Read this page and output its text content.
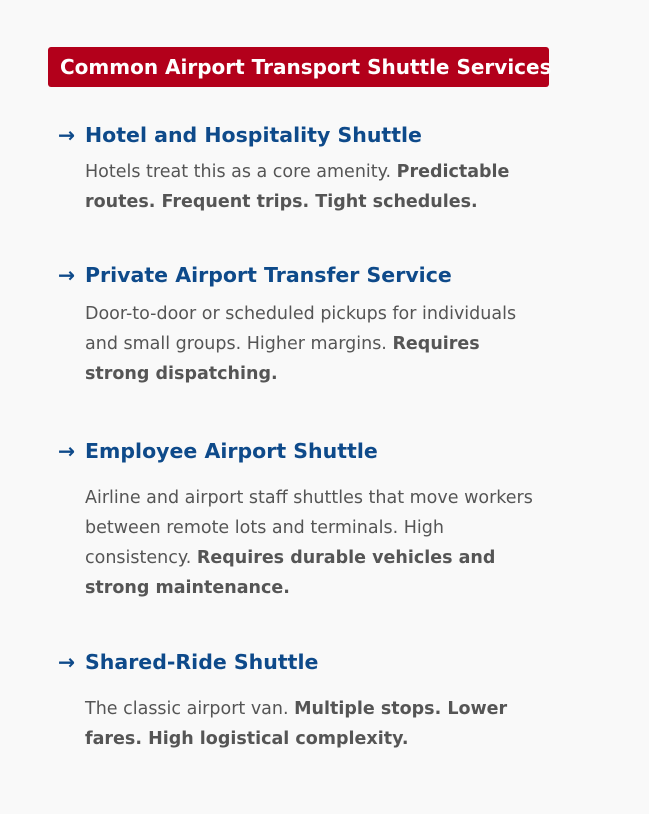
Common Airport Transport Shuttle Services
→ Hotel and Hospitality Shuttle

Hotels treat this as a core amenity. Predictable routes. Frequent trips. Tight schedules.

→ Private Airport Transfer Service

Door-to-door or scheduled pickups for individuals and small groups. Higher margins. Requires strong dispatching.

→ Employee Airport Shuttle

Airline and airport staff shuttles that move workers between remote lots and terminals. High consistency. Requires durable vehicles and strong maintenance.

→ Shared-Ride Shuttle

The classic airport van. Multiple stops. Lower fares. High logistical complexity.
